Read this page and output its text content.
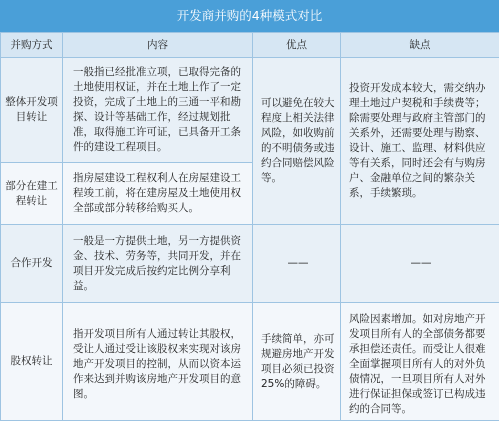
开发商并购的4种模式对比
并购方式	内容	优点	缺点
整体开发项目转让	一般指已经批准立项，已取得完备的土地使用权证，并在土地上作了一定投资，完成了土地上的三通一平和勘探、设计等基础工作，经过规划批准，取得施工许可证，已具备开工条件的建设工程项目。	可以避免在较大程度上相关法律风险，如收购前的不明债务或违约合同赔偿风险等。	投资开发成本较大，需交纳办理土地过户契税和手续费等；除需要处理与政府主管部门的关系外，还需要处理与勘察、设计、施工、监理、材料供应等有关系，同时还会有与购房户、金融单位之间的繁杂关系，手续繁琐。
部分在建工程转让	指房屋建设工程权利人在房屋建设工程竣工前，将在建房屋及土地使用权全部或部分转移给购买人。		
合作开发	一般是一方提供土地，另一方提供资金、技术、劳务等，共同开发，并在项目开发完成后按约定比例分享利益。	——	——
股权转让	指开发项目所有人通过转让其股权，受让人通过受让该股权来实现对该房地产开发项目的控制，从而以资本运作来达到并购该房地产开发项目的意图。	手续简单，亦可规避房地产开发项目必须已投资25%的障碍。	风险因素增加。如对房地产开发项目所有人的全部债务都要承担偿还责任。而受让人很难全面掌握项目所有人的对外负债情况，一旦项目所有人对外进行保证担保或签订已构成违约的合同等。
